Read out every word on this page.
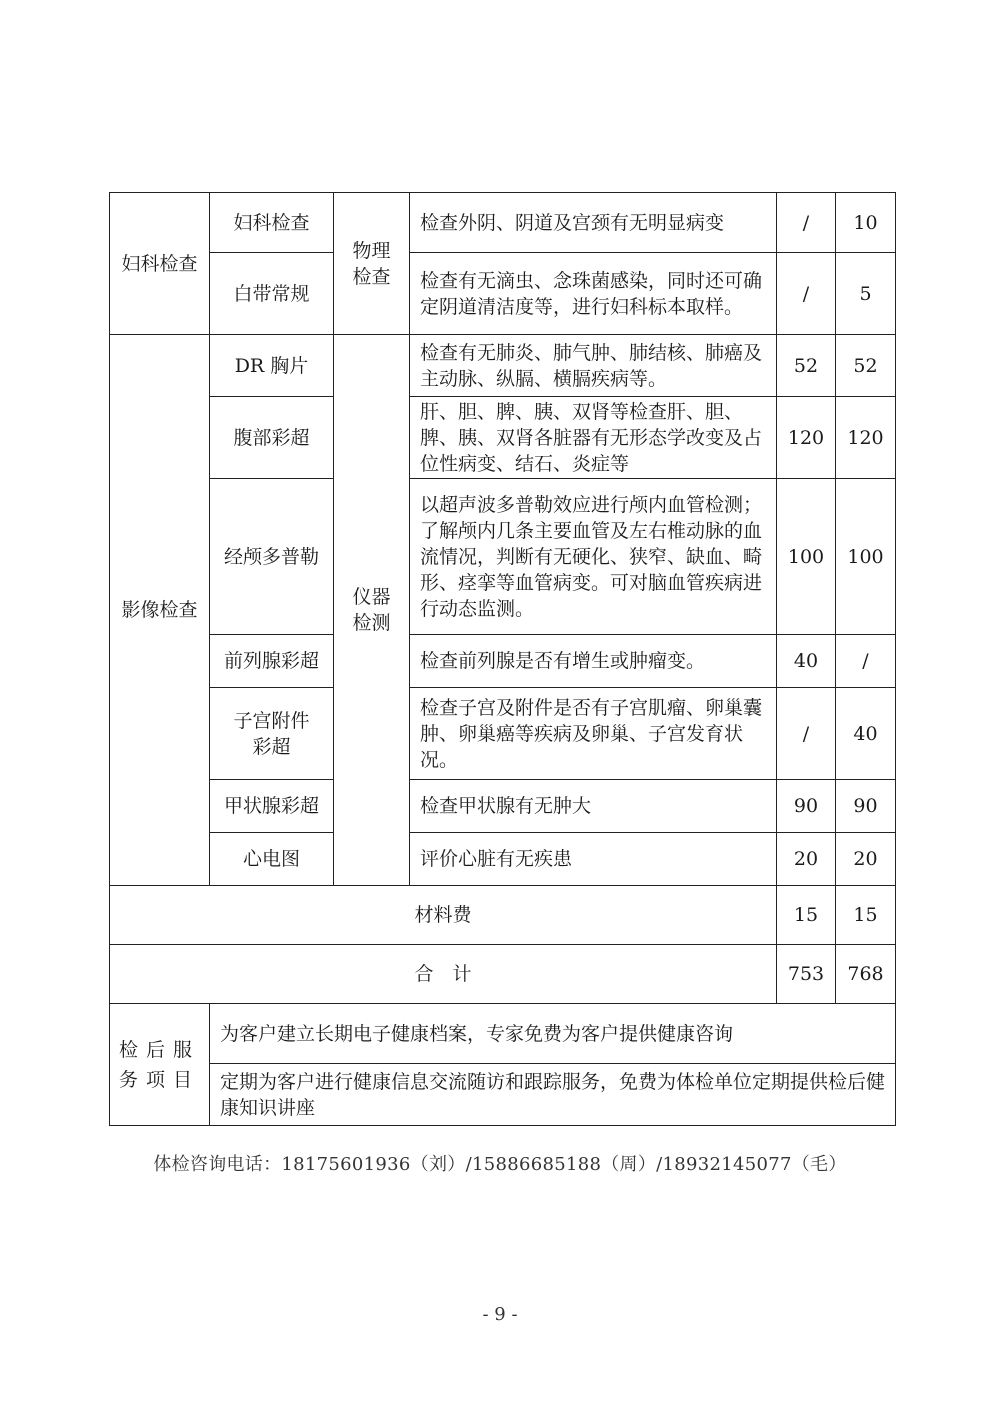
妇科检查	妇科检查	物理检查	检查外阴、阴道及宫颈有无明显病变	/	10
	白带常规		检查有无滴虫、念珠菌感染，同时还可确定阴道清洁度等，进行妇科标本取样。	/	5
影像检查	DR 胸片	仪器检测	检查有无肺炎、肺气肿、肺结核、肺癌及主动脉、纵膈、横膈疾病等。	52	52
	腹部彩超		肝、胆、脾、胰、双肾等检查肝、胆、脾、胰、双肾各脏器有无形态学改变及占位性病变、结石、炎症等	120	120
	经颅多普勒		以超声波多普勒效应进行颅内血管检测；了解颅内几条主要血管及左右椎动脉的血流情况，判断有无硬化、狭窄、缺血、畸形、痉挛等血管病变。可对脑血管疾病进行动态监测。	100	100
	前列腺彩超		检查前列腺是否有增生或肿瘤变。	40	/

	子宫附件彩超		检查子宫及附件是否有子宫肌瘤、卵巢囊肿、卵巢癌等疾病及卵巢、子宫发育状况。	/	40
	甲状腺彩超		检查甲状腺有无肿大	90	90
	心电图		评价心脏有无疾患	20	20
材料费				15	15
合　计				753	768

检后服务项目	为客户建立长期电子健康档案，专家免费为客户提供健康咨询				
	定期为客户进行健康信息交流随访和跟踪服务，免费为体检单位定期提供检后健康知识讲座				
体检咨询电话：18175601936（刘）/15886685188（周）/18932145077（毛）
- 9 -
